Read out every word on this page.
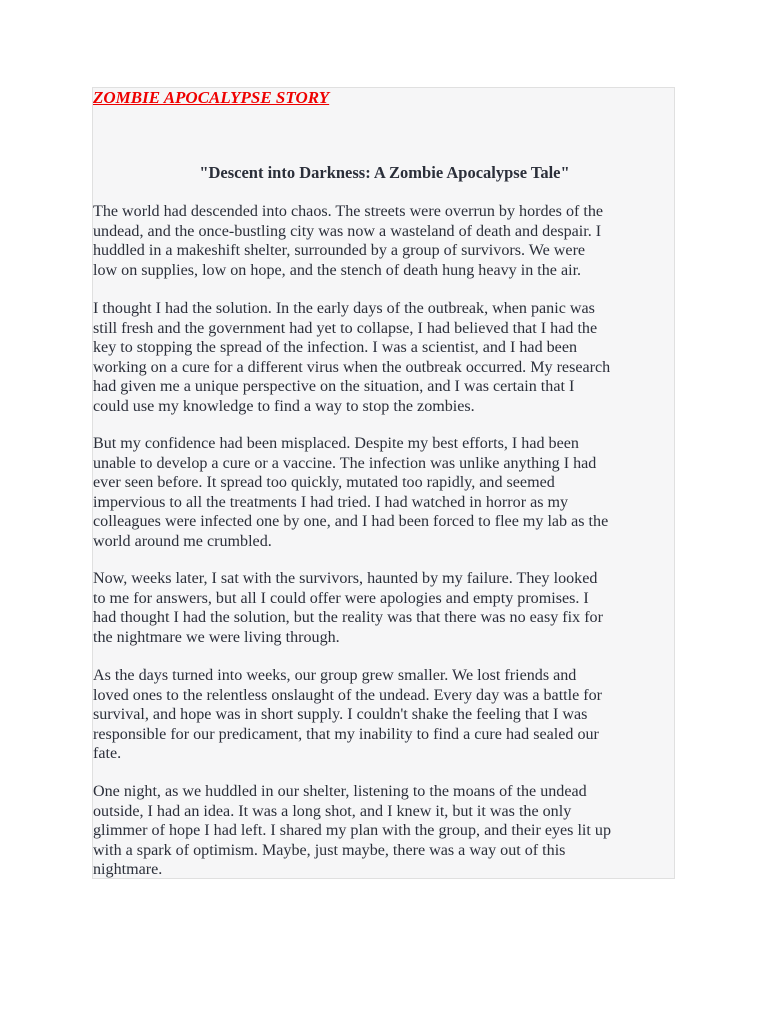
ZOMBIE APOCALYPSE STORY
"Descent into Darkness: A Zombie Apocalypse Tale"

The world had descended into chaos. The streets were overrun by hordes of the
undead, and the once-bustling city was now a wasteland of death and despair. I
huddled in a makeshift shelter, surrounded by a group of survivors. We were
low on supplies, low on hope, and the stench of death hung heavy in the air.

I thought I had the solution. In the early days of the outbreak, when panic was
still fresh and the government had yet to collapse, I had believed that I had the
key to stopping the spread of the infection. I was a scientist, and I had been
working on a cure for a different virus when the outbreak occurred. My research
had given me a unique perspective on the situation, and I was certain that I
could use my knowledge to find a way to stop the zombies.

But my confidence had been misplaced. Despite my best efforts, I had been
unable to develop a cure or a vaccine. The infection was unlike anything I had
ever seen before. It spread too quickly, mutated too rapidly, and seemed
impervious to all the treatments I had tried. I had watched in horror as my
colleagues were infected one by one, and I had been forced to flee my lab as the
world around me crumbled.

Now, weeks later, I sat with the survivors, haunted by my failure. They looked
to me for answers, but all I could offer were apologies and empty promises. I
had thought I had the solution, but the reality was that there was no easy fix for
the nightmare we were living through.

As the days turned into weeks, our group grew smaller. We lost friends and
loved ones to the relentless onslaught of the undead. Every day was a battle for
survival, and hope was in short supply. I couldn't shake the feeling that I was
responsible for our predicament, that my inability to find a cure had sealed our
fate.

One night, as we huddled in our shelter, listening to the moans of the undead
outside, I had an idea. It was a long shot, and I knew it, but it was the only
glimmer of hope I had left. I shared my plan with the group, and their eyes lit up
with a spark of optimism. Maybe, just maybe, there was a way out of this
nightmare.
